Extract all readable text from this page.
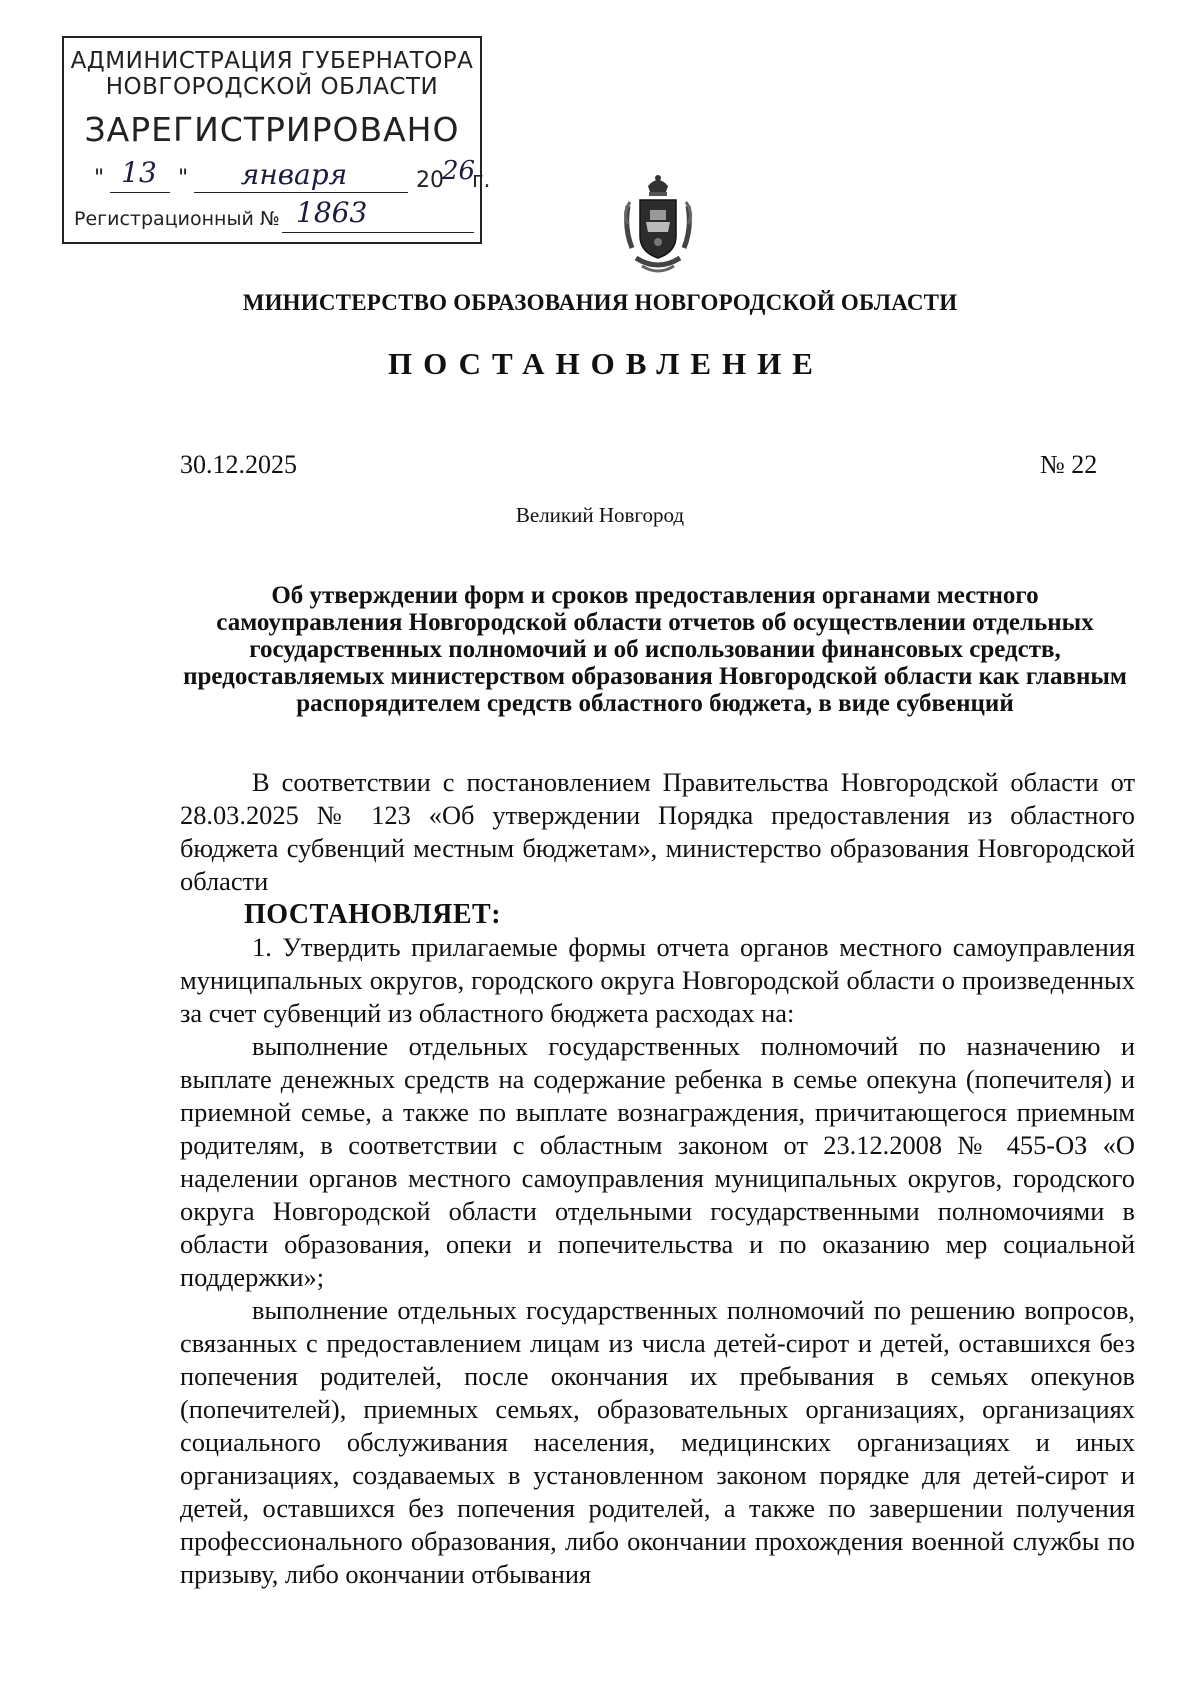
АДМИНИСТРАЦИЯ ГУБЕРНАТОРА
НОВГОРОДСКОЙ ОБЛАСТИ
ЗАРЕГИСТРИРОВАНО
" 13 "	января	20
26
г.
Регистрационный № 1863
МИНИСТЕРСТВО ОБРАЗОВАНИЯ НОВГОРОДСКОЙ ОБЛАСТИ
ПОСТАНОВЛЕНИЕ
30.12.2025	№ 22
Великий Новгород
Об утверждении форм и сроков предоставления органами местного самоуправления Новгородской области отчетов об осуществлении отдельных государственных полномочий и об использовании финансовых средств, предоставляемых министерством образования Новгородской области как главным распорядителем средств областного бюджета, в виде субвенций

В соответствии с постановлением Правительства Новгородской области от 28.03.2025 № 123 «Об утверждении Порядка предоставления из областного бюджета субвенций местным бюджетам», министерство образования Новгородской области

ПОСТАНОВЛЯЕТ:

1. Утвердить прилагаемые формы отчета органов местного самоуправления муниципальных округов, городского округа Новгородской области о произведенных за счет субвенций из областного бюджета расходах на:

выполнение отдельных государственных полномочий по назначению и выплате денежных средств на содержание ребенка в семье опекуна (попечителя) и приемной семье, а также по выплате вознаграждения, причитающегося приемным родителям, в соответствии с областным законом от 23.12.2008 № 455-ОЗ «О наделении органов местного самоуправления муниципальных округов, городского округа Новгородской области отдельными государственными полномочиями в области образования, опеки и попечительства и по оказанию мер социальной поддержки»;

выполнение отдельных государственных полномочий по решению вопросов, связанных с предоставлением лицам из числа детей-сирот и детей, оставшихся без попечения родителей, после окончания их пребывания в семьях опекунов (попечителей), приемных семьях, образовательных организациях, организациях социального обслуживания населения, медицинских организациях и иных организациях, создаваемых в установленном законом порядке для детей-сирот и детей, оставшихся без попечения родителей, а также по завершении получения профессионального образования, либо окончании прохождения военной службы по призыву, либо окончании отбывания
